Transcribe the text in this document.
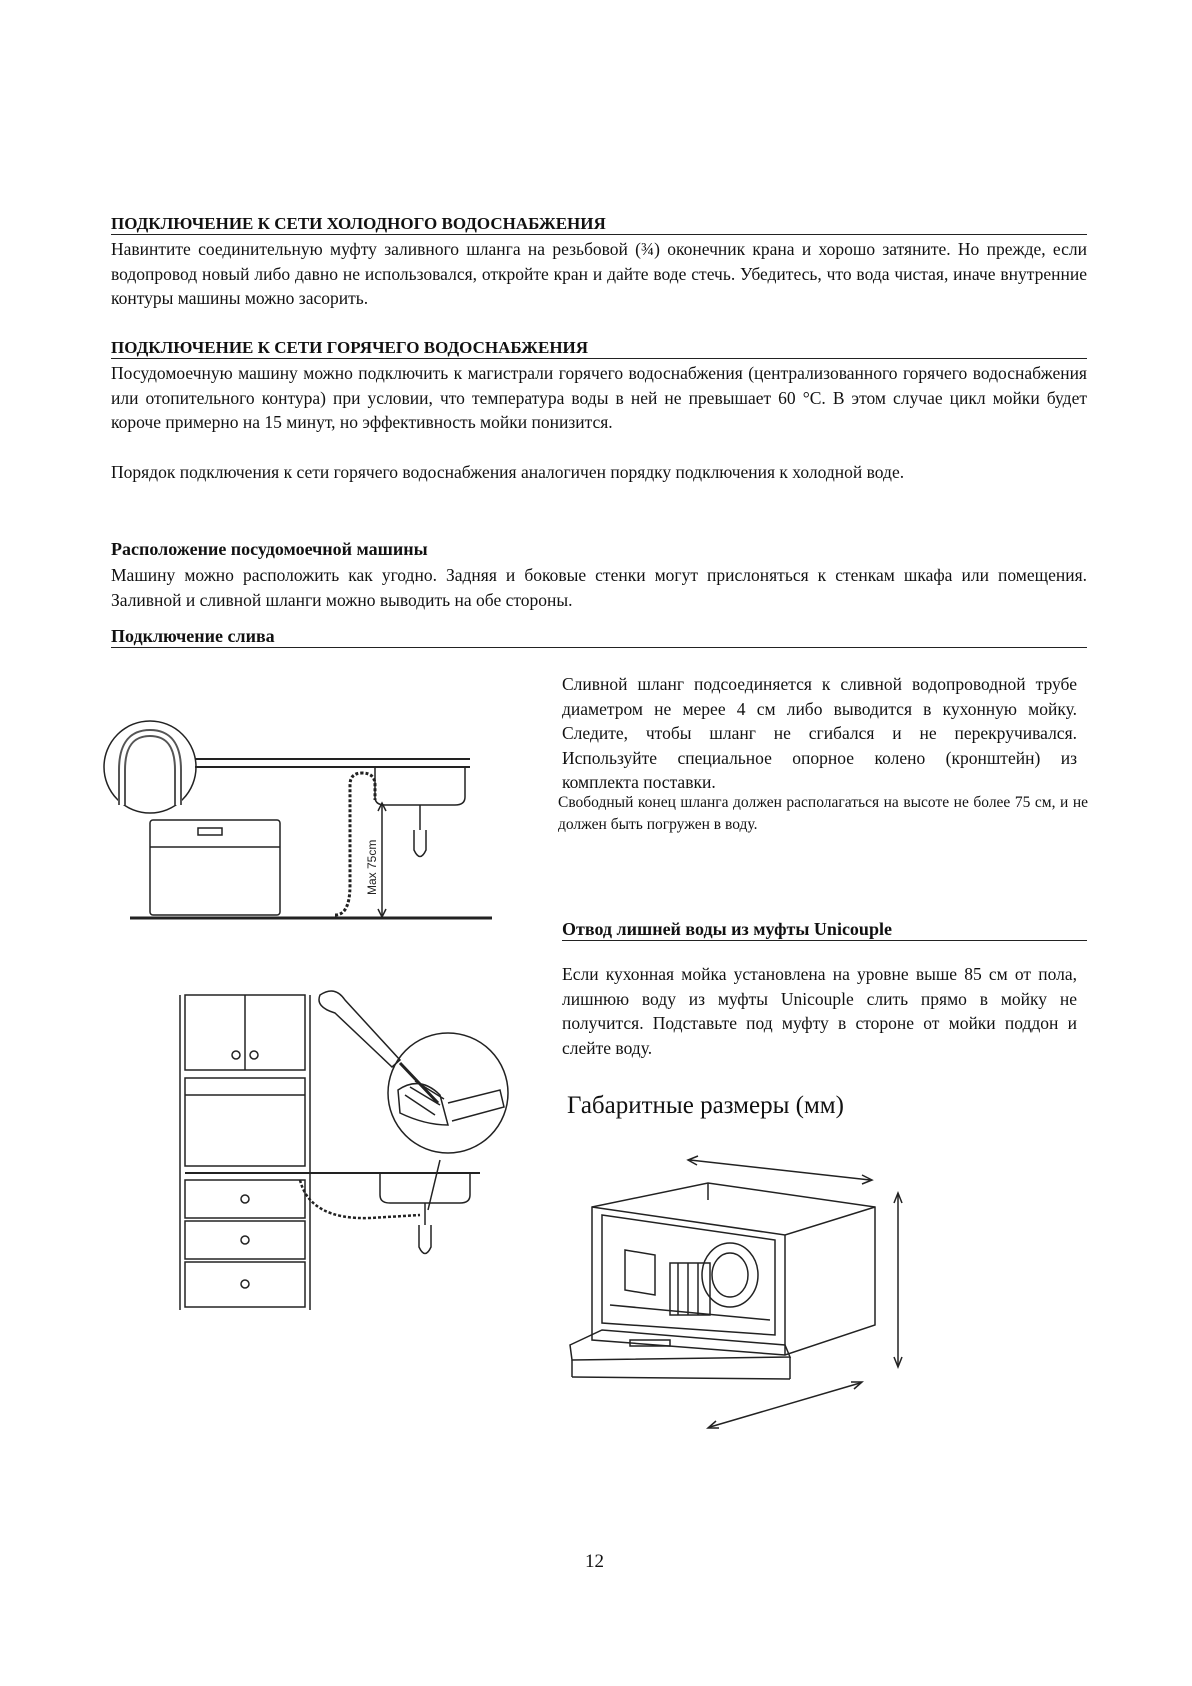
ПОДКЛЮЧЕНИЕ К СЕТИ ХОЛОДНОГО ВОДОСНАБЖЕНИЯ
Навинтите соединительную муфту заливного шланга на резьбовой (¾) оконечник крана и хорошо затяните. Но прежде, если водопровод новый либо давно не использовался, откройте кран и дайте воде стечь. Убедитесь, что вода чистая, иначе внутренние контуры машины можно засорить.
ПОДКЛЮЧЕНИЕ К СЕТИ ГОРЯЧЕГО ВОДОСНАБЖЕНИЯ
Посудомоечную машину можно подключить к магистрали горячего водоснабжения (централизованного горячего водоснабжения или отопительного контура) при условии, что температура воды в ней не превышает 60 °С. В этом случае цикл мойки будет короче примерно на 15 минут, но эффективность мойки понизится.
Порядок подключения к сети горячего водоснабжения аналогичен порядку подключения к холодной воде.
Расположение посудомоечной машины
Машину можно расположить как угодно. Задняя и боковые стенки могут прислоняться к стенкам шкафа или помещения. Заливной и сливной шланги можно выводить на обе стороны.
Подключение слива
Сливной шланг подсоединяется к сливной водопроводной трубе диаметром не мерее 4 см либо выводится в кухонную мойку. Следите, чтобы шланг не сгибался и не перекручивался. Используйте специальное опорное колено (кронштейн) из комплекта поставки.
Свободный конец шланга должен располагаться на высоте не более 75 см, и не должен быть погружен в воду.
Отвод лишней воды из муфты Unicouple
Если кухонная мойка установлена на уровне выше 85 см от пола, лишнюю воду из муфты Unicouple слить прямо в мойку не получится. Подставьте под муфту в стороне от мойки поддон и слейте воду.
Габаритные размеры (мм)
12
Max 75cm
